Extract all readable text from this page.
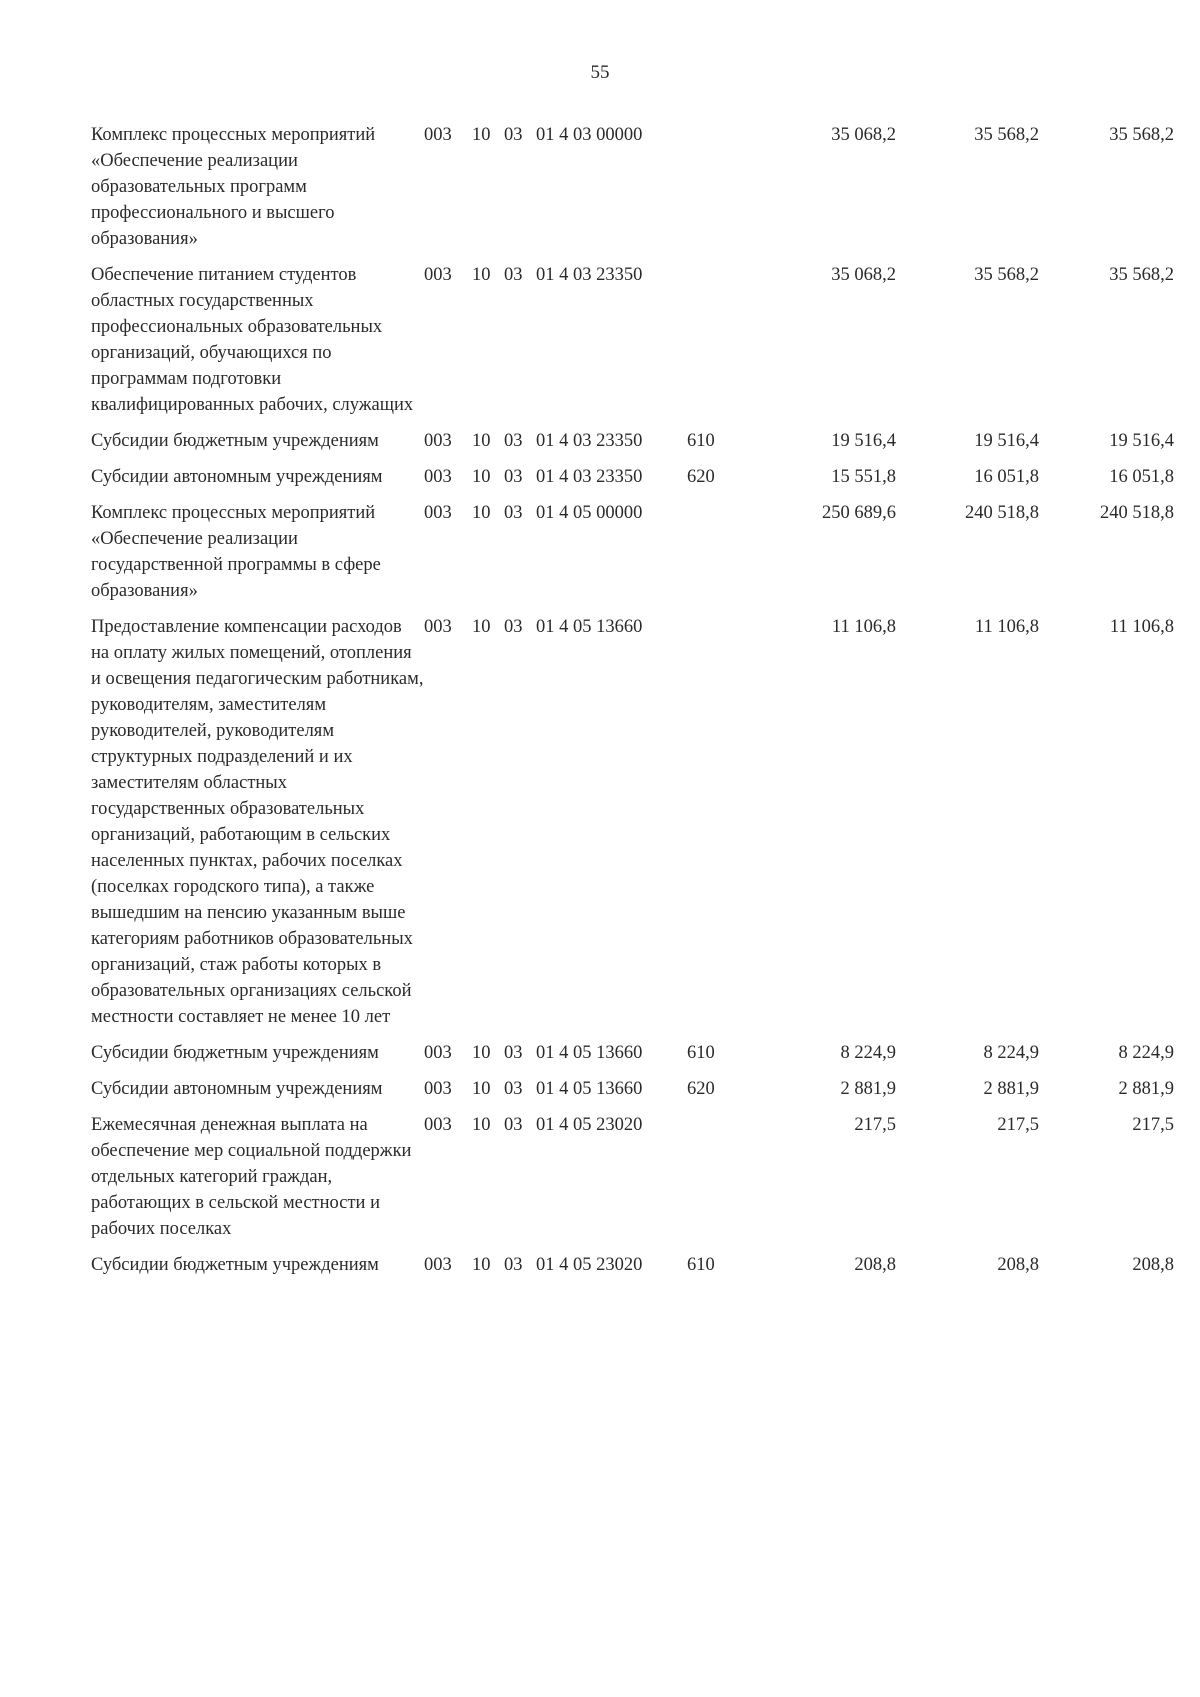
55
Комплекс процессных мероприятий «Обеспечение реализации образовательных программ профессионального и высшего образования»	003	10	03	01 4 03 00000		35 068,2	35 568,2	35 568,2
Обеспечение питанием студентов областных государственных профессиональных образовательных организаций, обучающихся по программам подготовки квалифицированных рабочих, служащих	003	10	03	01 4 03 23350		35 068,2	35 568,2	35 568,2
Субсидии бюджетным учреждениям	003	10	03	01 4 03 23350	610	19 516,4	19 516,4	19 516,4
Субсидии автономным учреждениям	003	10	03	01 4 03 23350	620	15 551,8	16 051,8	16 051,8
Комплекс процессных мероприятий «Обеспечение реализации государственной программы в сфере образования»	003	10	03	01 4 05 00000		250 689,6	240 518,8	240 518,8
Предоставление компенсации расходов на оплату жилых помещений, отопления и освещения педагогическим работникам, руководителям, заместителям руководителей, руководителям структурных подразделений и их заместителям областных государственных образовательных организаций, работающим в сельских населенных пунктах, рабочих поселках (поселках городского типа), а также вышедшим на пенсию указанным выше категориям работников образовательных организаций, стаж работы которых в образовательных организациях сельской местности составляет не менее 10 лет	003	10	03	01 4 05 13660		11 106,8	11 106,8	11 106,8
Субсидии бюджетным учреждениям	003	10	03	01 4 05 13660	610	8 224,9	8 224,9	8 224,9
Субсидии автономным учреждениям	003	10	03	01 4 05 13660	620	2 881,9	2 881,9	2 881,9
Ежемесячная денежная выплата на обеспечение мер социальной поддержки отдельных категорий граждан, работающих в сельской местности и рабочих поселках	003	10	03	01 4 05 23020		217,5	217,5	217,5
Субсидии бюджетным учреждениям	003	10	03	01 4 05 23020	610	208,8	208,8	208,8
